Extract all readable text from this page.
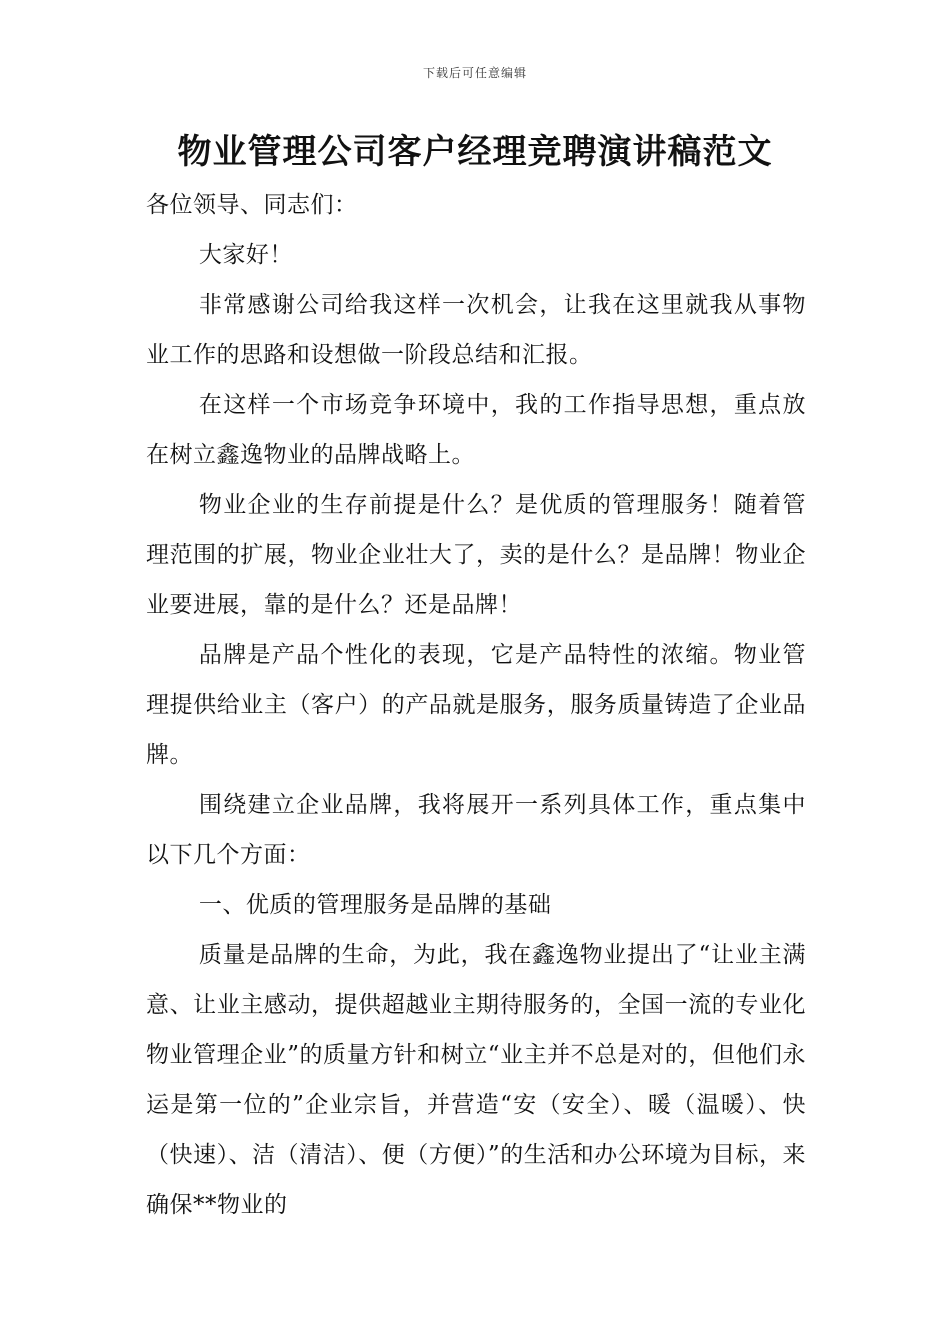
下载后可任意编辑
物业管理公司客户经理竞聘演讲稿范文

各位领导、同志们：

大家好！

非常感谢公司给我这样一次机会，让我在这里就我从事物业工作的思路和设想做一阶段总结和汇报。

在这样一个市场竞争环境中，我的工作指导思想，重点放在树立鑫逸物业的品牌战略上。

物业企业的生存前提是什么？是优质的管理服务！随着管理范围的扩展，物业企业壮大了，卖的是什么？是品牌！物业企业要进展，靠的是什么？还是品牌！

品牌是产品个性化的表现，它是产品特性的浓缩。物业管理提供给业主（客户）的产品就是服务，服务质量铸造了企业品牌。

围绕建立企业品牌，我将展开一系列具体工作，重点集中以下几个方面：

一、优质的管理服务是品牌的基础

质量是品牌的生命，为此，我在鑫逸物业提出了“让业主满意、让业主感动，提供超越业主期待服务的，全国一流的专业化物业管理企业”的质量方针和树立“业主并不总是对的，但他们永运是第一位的”企业宗旨，并营造“安（安全）、暖（温暖）、快（快速）、洁（清洁）、便（方便）”的生活和办公环境为目标，来确保**物业的
